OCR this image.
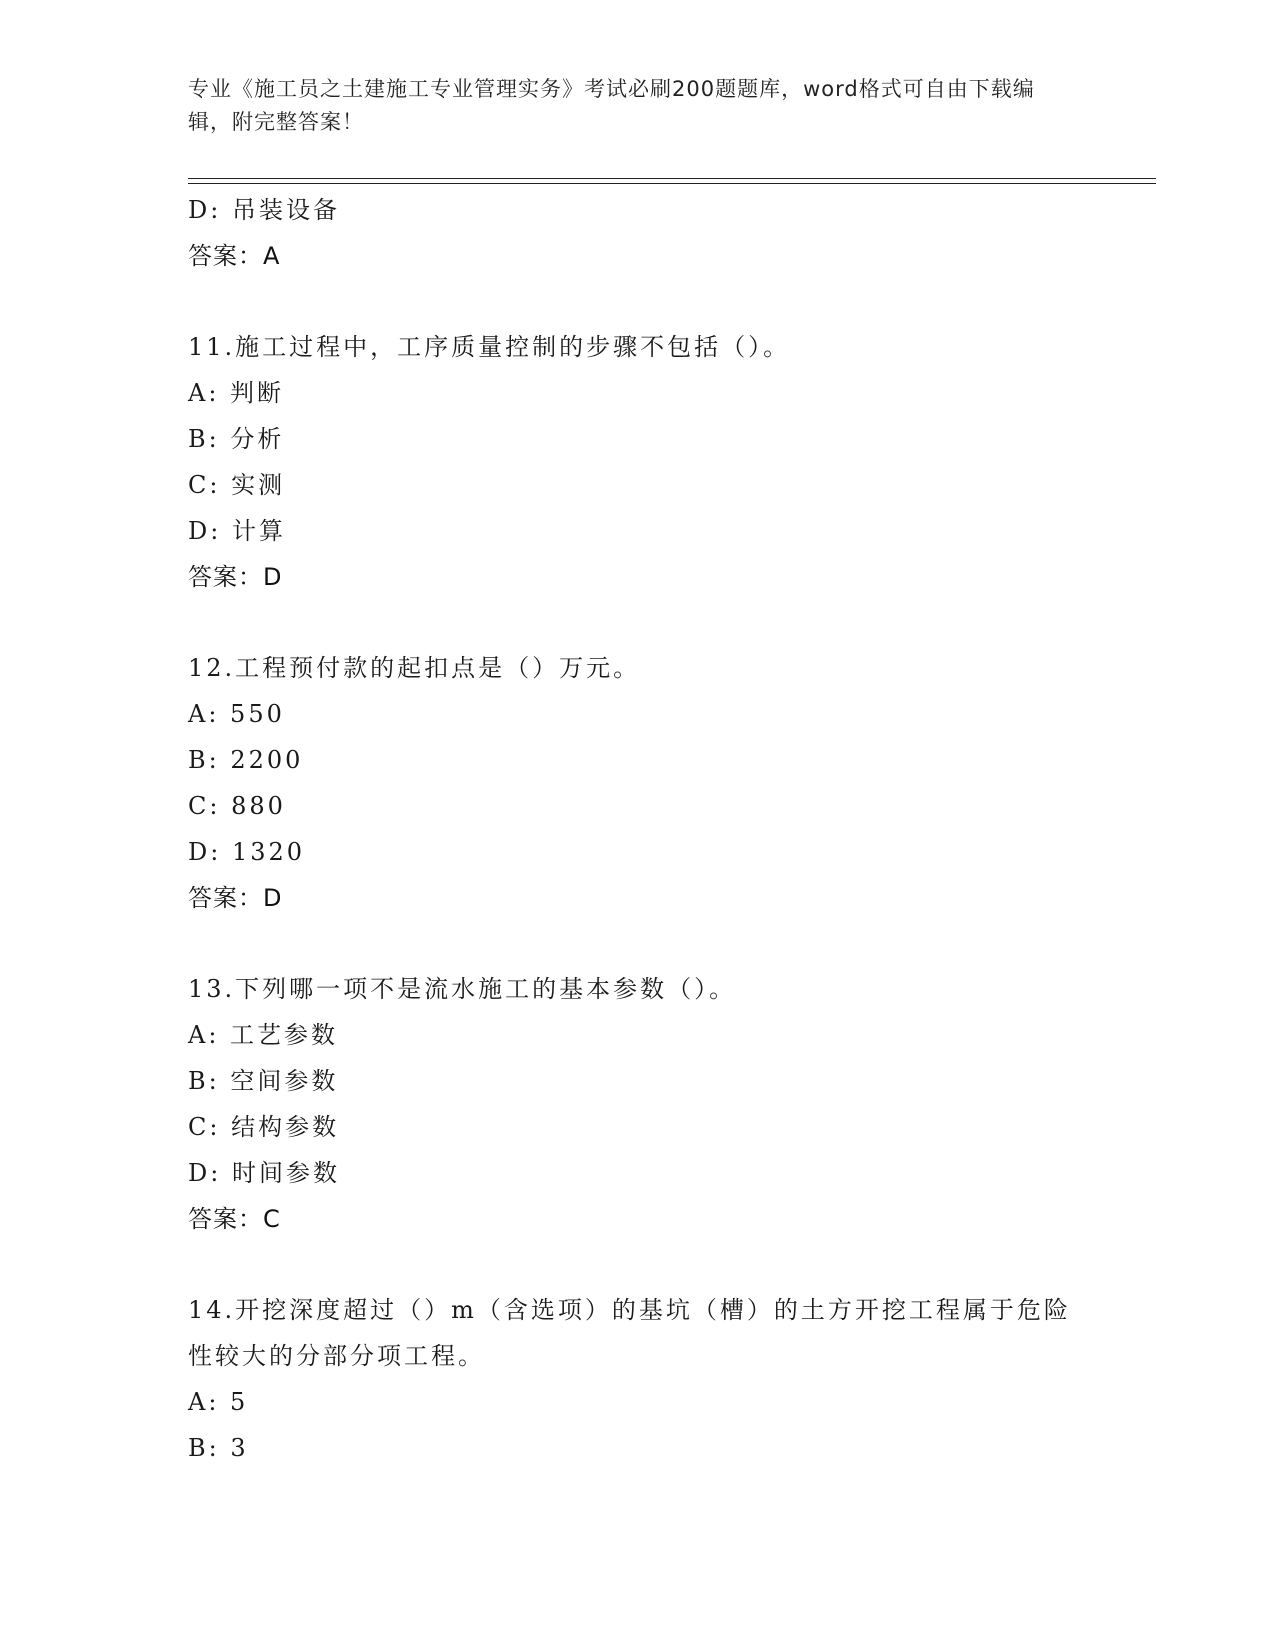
专业《施工员之土建施工专业管理实务》考试必刷200题题库，word格式可自由下载编辑，附完整答案！
D: 吊装设备
答案：A
11.施工过程中，工序质量控制的步骤不包括（）。
A: 判断
B: 分析
C: 实测
D: 计算
答案：D
12.工程预付款的起扣点是（）万元。
A: 550
B: 2200
C: 880
D: 1320
答案：D
13.下列哪一项不是流水施工的基本参数（）。
A: 工艺参数
B: 空间参数
C: 结构参数
D: 时间参数
答案：C
14.开挖深度超过（）m（含选项）的基坑（槽）的土方开挖工程属于危险性较大的分部分项工程。
A: 5
B: 3
